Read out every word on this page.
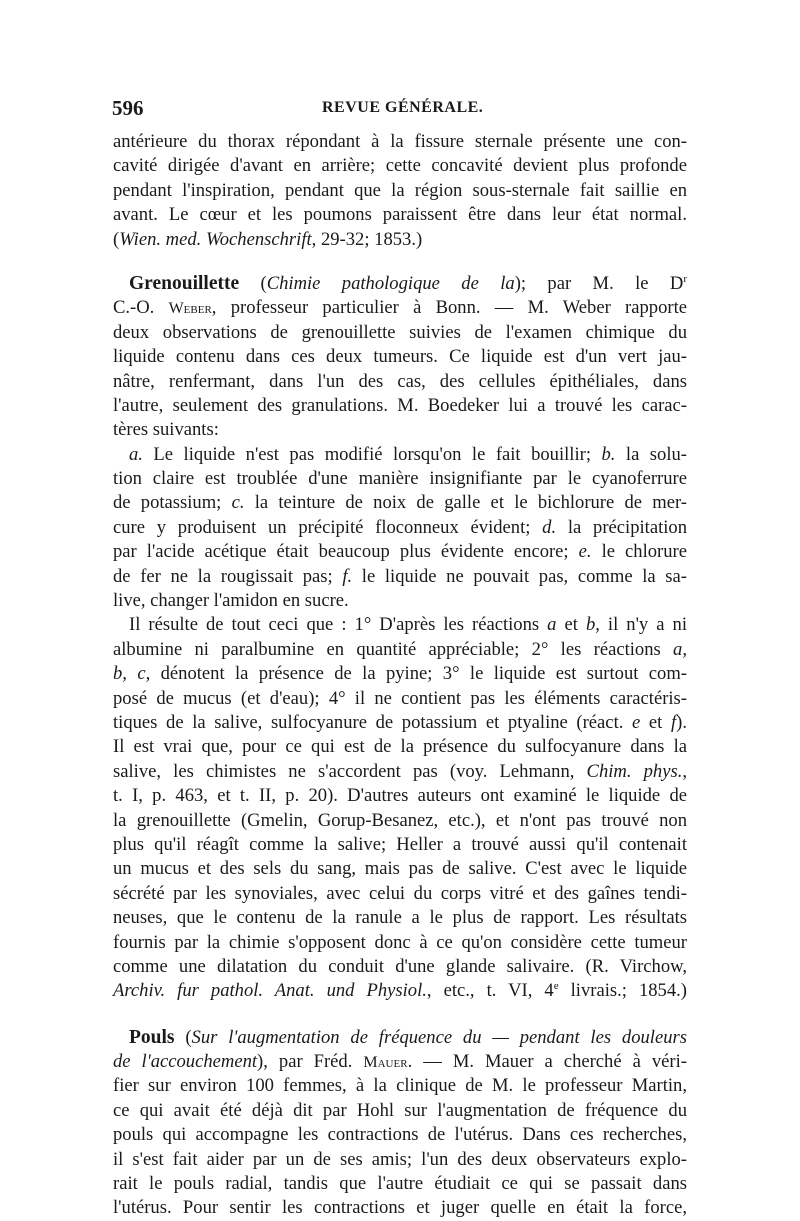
596	REVUE GÉNÉRALE.
antérieure du thorax répondant à la fissure sternale présente une con-
cavité dirigée d'avant en arrière; cette concavité devient plus profonde
pendant l'inspiration, pendant que la région sous-sternale fait saillie en
avant. Le cœur et les poumons paraissent être dans leur état normal.
(Wien. med. Wochenschrift, 29-32; 1853.)
Grenouillette (Chimie pathologique de la); par M. le $D^r$
C.-O. Weber, professeur particulier à Bonn. — M. Weber rapporte
deux observations de grenouillette suivies de l'examen chimique du
liquide contenu dans ces deux tumeurs. Ce liquide est d'un vert jau-
nâtre, renfermant, dans l'un des cas, des cellules épithéliales, dans
l'autre, seulement des granulations. M. Boedeker lui a trouvé les carac-
tères suivants:
a. Le liquide n'est pas modifié lorsqu'on le fait bouillir; b. la solu-
tion claire est troublée d'une manière insignifiante par le cyanoferrure
de potassium; c. la teinture de noix de galle et le bichlorure de mer-
cure y produisent un précipité floconneux évident; d. la précipitation
par l'acide acétique était beaucoup plus évidente encore; e. le chlorure
de fer ne la rougissait pas; f. le liquide ne pouvait pas, comme la sa-
live, changer l'amidon en sucre.
Il résulte de tout ceci que : 1° D'après les réactions a et b, il n'y a ni
albumine ni paralbumine en quantité appréciable; 2° les réactions a,
b, c, dénotent la présence de la pyine; 3° le liquide est surtout com-
posé de mucus (et d'eau); 4° il ne contient pas les éléments caractéris-
tiques de la salive, sulfocyanure de potassium et ptyaline (réact. e et f).
Il est vrai que, pour ce qui est de la présence du sulfocyanure dans la
salive, les chimistes ne s'accordent pas (voy. Lehmann, Chim. phys.,
t. I, p. 463, et t. II, p. 20). D'autres auteurs ont examiné le liquide de
la grenouillette (Gmelin, Gorup-Besanez, etc.), et n'ont pas trouvé non
plus qu'il réagît comme la salive; Heller a trouvé aussi qu'il contenait
un mucus et des sels du sang, mais pas de salive. C'est avec le liquide
sécrété par les synoviales, avec celui du corps vitré et des gaînes tendi-
neuses, que le contenu de la ranule a le plus de rapport. Les résultats
fournis par la chimie s'opposent donc à ce qu'on considère cette tumeur
comme une dilatation du conduit d'une glande salivaire. (R. Virchow,
Archiv. fur pathol. Anat. und Physiol., etc., t. VI, 4e livrais.; 1854.)
Pouls (Sur l'augmentation de fréquence du — pendant les douleurs
de l'accouchement), par Fréd. Mauer. — M. Mauer a cherché à véri-
fier sur environ 100 femmes, à la clinique de M. le professeur Martin,
ce qui avait été déjà dit par Hohl sur l'augmentation de fréquence du
pouls qui accompagne les contractions de l'utérus. Dans ces recherches,
il s'est fait aider par un de ses amis; l'un des deux observateurs explo-
rait le pouls radial, tandis que l'autre étudiait ce qui se passait dans
l'utérus. Pour sentir les contractions et juger quelle en était la force,
